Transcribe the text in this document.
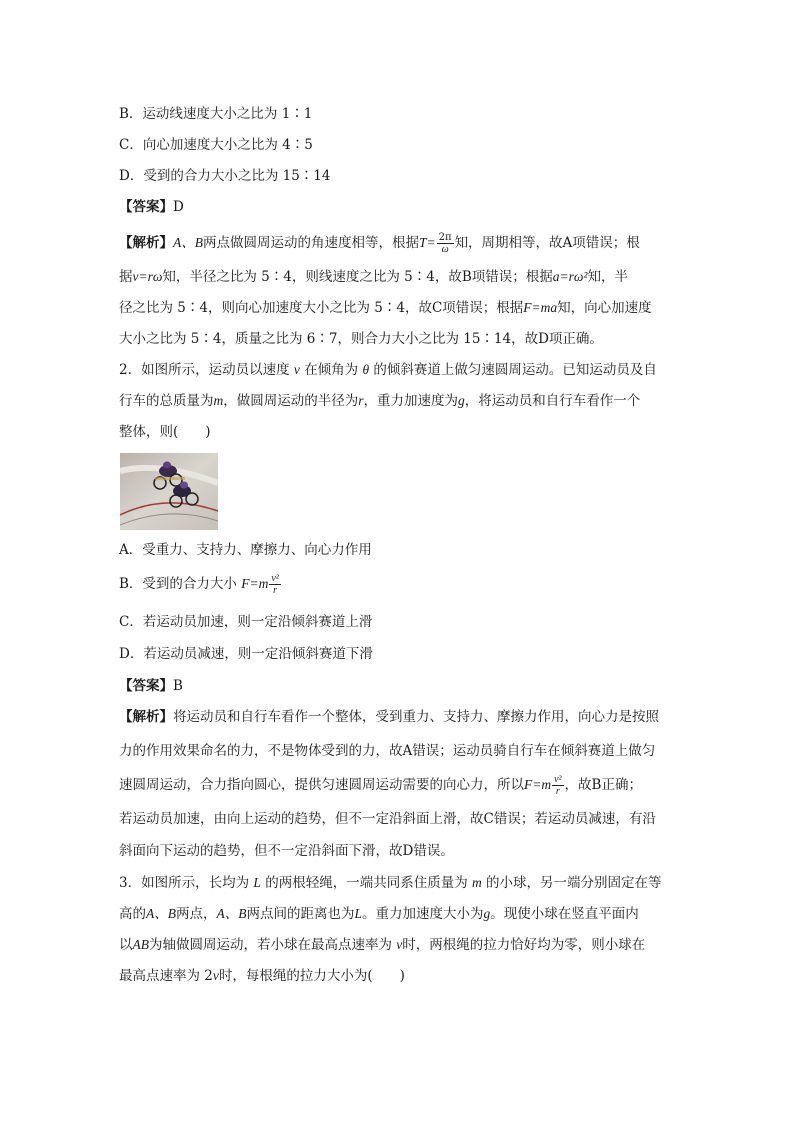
B．运动线速度大小之比为 1∶1
C．向心加速度大小之比为 4∶5
D．受到的合力大小之比为 15∶14
【答案】D
【解析】A、B两点做圆周运动的角速度相等，根据$T= \frac{2\pi}{\omega}$ 知，周期相等，故A项错误；根
据v=rω知，半径之比为 5∶4，则线速度之比为 5∶4，故B项错误；根据a=rω²知，半
径之比为 5∶4，则向心加速度大小之比为 5∶4，故C项错误；根据F=ma知，向心加速度
大小之比为 5∶4，质量之比为 6∶7，则合力大小之比为 15∶14，故D项正确。
2．如图所示，运动员以速度 v 在倾角为 θ 的倾斜赛道上做匀速圆周运动。已知运动员及自
行车的总质量为m，做圆周运动的半径为r，重力加速度为g，将运动员和自行车看作一个
整体，则(　　)
A．受重力、支持力、摩擦力、向心力作用
B．受到的合力大小 $F=m \frac{\text{v²}}{r}$
C．若运动员加速，则一定沿倾斜赛道上滑
D．若运动员减速，则一定沿倾斜赛道下滑
【答案】B
【解析】将运动员和自行车看作一个整体，受到重力、支持力、摩擦力作用，向心力是按照
力的作用效果命名的力，不是物体受到的力，故A错误；运动员骑自行车在倾斜赛道上做匀
速圆周运动，合力指向圆心，提供匀速圆周运动需要的向心力，所以$F=m \frac{\text{v²}}{r}$ ，故B正确；
若运动员加速，由向上运动的趋势，但不一定沿斜面上滑，故C错误；若运动员减速，有沿
斜面向下运动的趋势，但不一定沿斜面下滑，故D错误。
3．如图所示，长均为 L 的两根轻绳，一端共同系住质量为 m 的小球，另一端分别固定在等
高的A、B两点，A、B两点间的距离也为L。重力加速度大小为g。现使小球在竖直平面内
以AB为轴做圆周运动，若小球在最高点速率为 v时，两根绳的拉力恰好均为零，则小球在
最高点速率为 2v时，每根绳的拉力大小为(　　)
